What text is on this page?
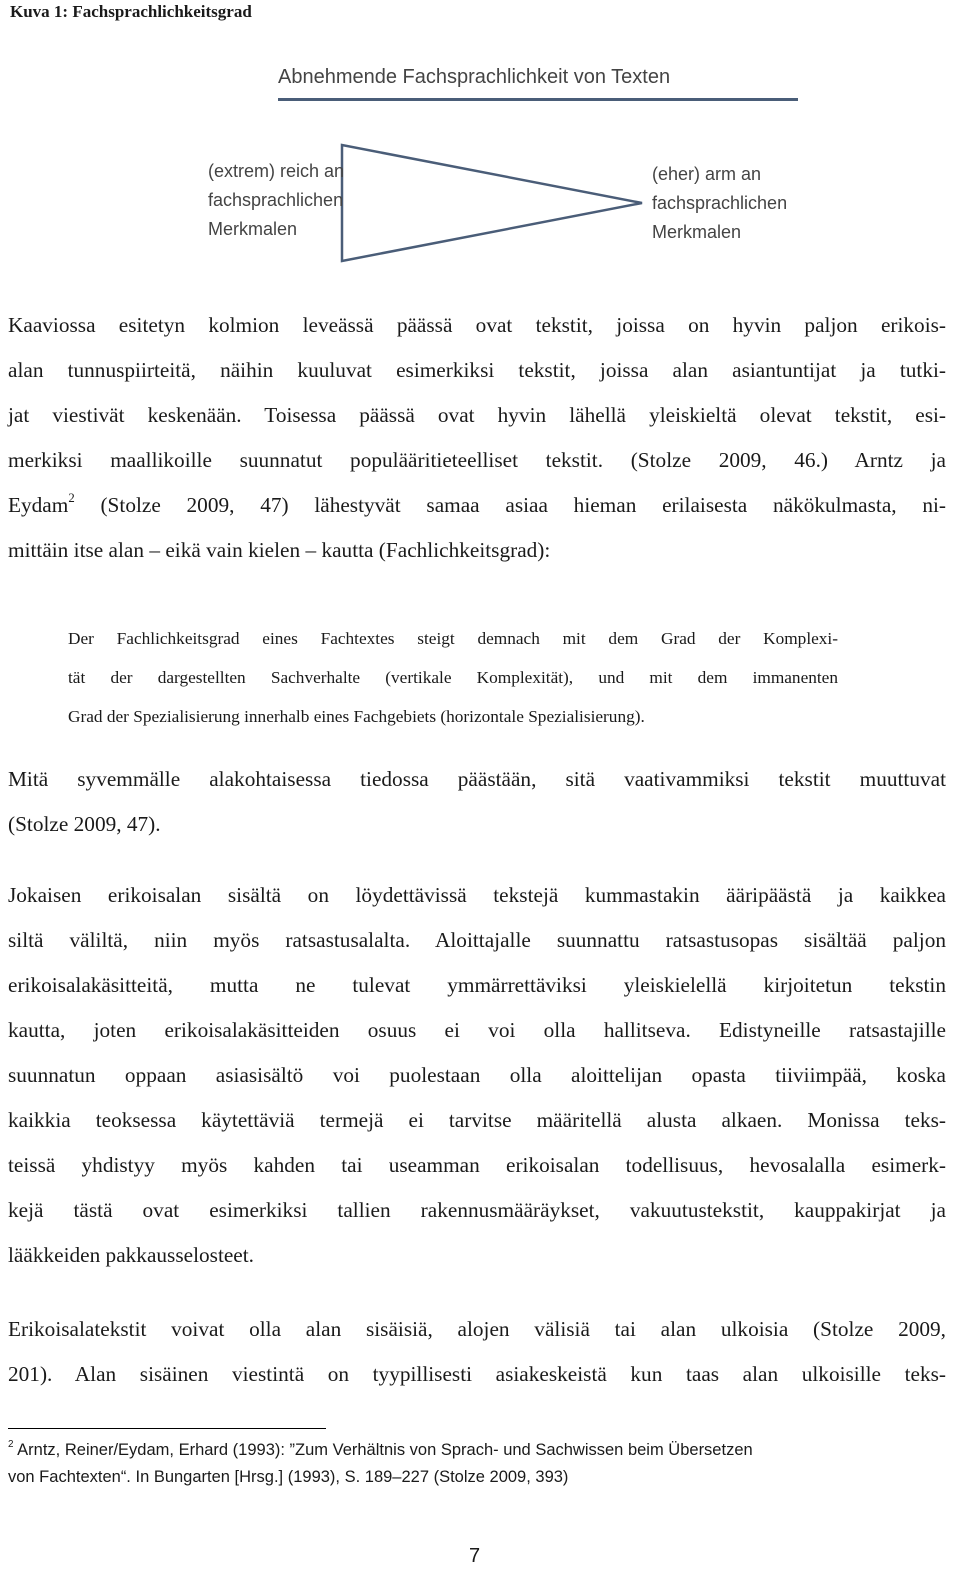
Kuva 1: Fachsprachlichkeitsgrad
Abnehmende Fachsprachlichkeit von Texten
(extrem) reich an
fachsprachlichen
Merkmalen
(eher) arm an
fachsprachlichen
Merkmalen
Kaaviossa esitetyn kolmion leveässä päässä ovat tekstit, joissa on hyvin paljon erikois-
alan tunnuspiirteitä, näihin kuuluvat esimerkiksi tekstit, joissa alan asiantuntijat ja tutki-
jat viestivät keskenään. Toisessa päässä ovat hyvin lähellä yleiskieltä olevat tekstit, esi-
merkiksi maallikoille suunnatut populääritieteelliset tekstit. (Stolze 2009, 46.) Arntz ja
Eydam$^2$ (Stolze 2009, 47) lähestyvät samaa asiaa hieman erilaisesta näkökulmasta, ni-
mittäin itse alan – eikä vain kielen – kautta (Fachlichkeitsgrad):
Der Fachlichkeitsgrad eines Fachtextes steigt demnach mit dem Grad der Komplexi-
tät der dargestellten Sachverhalte (vertikale Komplexität), und mit dem immanenten
Grad der Spezialisierung innerhalb eines Fachgebiets (horizontale Spezialisierung).
Mitä syvemmälle alakohtaisessa tiedossa päästään, sitä vaativammiksi tekstit muuttuvat
(Stolze 2009, 47).
Jokaisen erikoisalan sisältä on löydettävissä tekstejä kummastakin ääripäästä ja kaikkea
siltä väliltä, niin myös ratsastusalalta. Aloittajalle suunnattu ratsastusopas sisältää paljon
erikoisalakäsitteitä, mutta ne tulevat ymmärrettäviksi yleiskielellä kirjoitetun tekstin
kautta, joten erikoisalakäsitteiden osuus ei voi olla hallitseva. Edistyneille ratsastajille
suunnatun oppaan asiasisältö voi puolestaan olla aloittelijan opasta tiiviimpää, koska
kaikkia teoksessa käytettäviä termejä ei tarvitse määritellä alusta alkaen. Monissa teks-
teissä yhdistyy myös kahden tai useamman erikoisalan todellisuus, hevosalalla esimerk-
kejä tästä ovat esimerkiksi tallien rakennusmääräykset, vakuutustekstit, kauppakirjat ja
lääkkeiden pakkausselosteet.
Erikoisalatekstit voivat olla alan sisäisiä, alojen välisiä tai alan ulkoisia (Stolze 2009,
201). Alan sisäinen viestintä on tyypillisesti asiakeskeistä kun taas alan ulkoisille teks-
$^2$ Arntz, Reiner/Eydam, Erhard (1993): ”Zum Verhältnis von Sprach- und Sachwissen beim Übersetzen
von Fachtexten“. In Bungarten [Hrsg.] (1993), S. 189–227 (Stolze 2009, 393)
7
